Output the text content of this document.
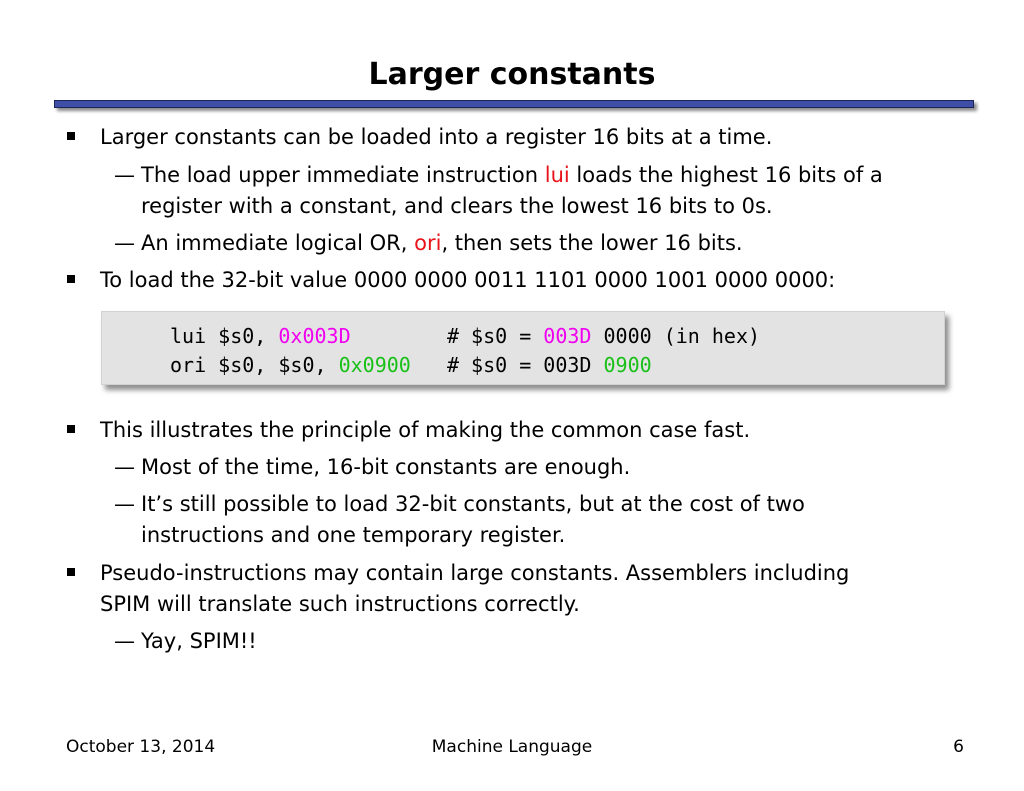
Larger constants
Larger constants can be loaded into a register 16 bits at a time.
— The load upper immediate instruction lui loads the highest 16 bits of a
register with a constant, and clears the lowest 16 bits to 0s.
— An immediate logical OR, ori, then sets the lower 16 bits.
To load the 32-bit value 0000 0000 0011 1101 0000 1001 0000 0000:
lui $s0, 0x003D        # $s0 = 003D 0000 (in hex)
ori $s0, $s0, 0x0900   # $s0 = 003D 0900
This illustrates the principle of making the common case fast.
— Most of the time, 16-bit constants are enough.
— It’s still possible to load 32-bit constants, but at the cost of two
instructions and one temporary register.
Pseudo-instructions may contain large constants. Assemblers including
SPIM will translate such instructions correctly.
— Yay, SPIM!!
October 13, 2014	Machine Language	6
